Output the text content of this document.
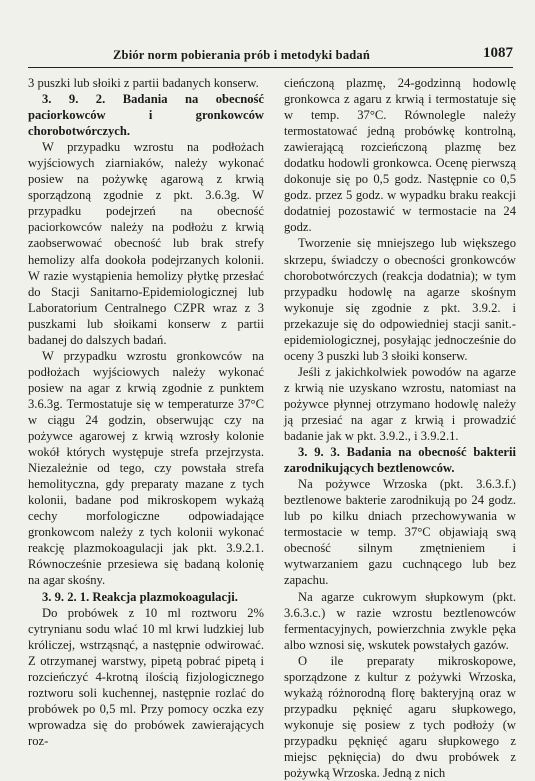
Zbiór norm pobierania prób i metodyki badań	1087

3 puszki lub słoiki z partii badanych konserw.

3. 9. 2. Badania na obecność paciorkowców i gronkowców chorobotwórczych.

W przypadku wzrostu na podłożach wyjściowych ziarniaków, należy wykonać posiew na pożywkę agarową z krwią sporządzoną zgodnie z pkt. 3.6.3g. W przypadku podejrzeń na obecność paciorkowców należy na podłożu z krwią zaobserwować obecność lub brak strefy hemolizy alfa dookoła podejrzanych kolonii. W razie wystąpienia hemolizy płytkę przesłać do Stacji Sanitarno-Epidemiologicznej lub Laboratorium Centralnego CZPR wraz z 3 puszkami lub słoikami konserw z partii badanej do dalszych badań.

W przypadku wzrostu gronkowców na podłożach wyjściowych należy wykonać posiew na agar z krwią zgodnie z punktem 3.6.3g. Termostatuje się w temperaturze 37°C w ciągu 24 godzin, obserwując czy na pożywce agarowej z krwią wzrosły kolonie wokół których występuje strefa przejrzysta. Niezależnie od tego, czy powstała strefa hemolityczna, gdy preparaty mazane z tych kolonii, badane pod mikroskopem wykażą cechy morfologiczne odpowiadające gronkowcom należy z tych kolonii wykonać reakcję plazmokoagulacji jak pkt. 3.9.2.1. Równocześnie przesiewa się badaną kolonię na agar skośny.

3. 9. 2. 1. Reakcja plazmokoagulacji.

Do probówek z 10 ml roztworu 2% cytrynianu sodu wlać 10 ml krwi ludzkiej lub króliczej, wstrząsnąć, a następnie odwirować. Z otrzymanej warstwy, pipetą pobrać pipetą i rozcieńczyć 4-krotną ilością fizjologicznego roztworu soli kuchennej, następnie rozlać do probówek po 0,5 ml. Przy pomocy oczka ezy wprowadza się do probówek zawierających roz-

cieńczoną plazmę, 24-godzinną hodowlę gronkowca z agaru z krwią i termostatuje się w temp. 37°C. Równolegle należy termostatować jedną probówkę kontrolną, zawierającą rozcieńczoną plazmę bez dodatku hodowli gronkowca. Ocenę pierwszą dokonuje się po 0,5 godz. Następnie co 0,5 godz. przez 5 godz. w wypadku braku reakcji dodatniej pozostawić w termostacie na 24 godz.

Tworzenie się mniejszego lub większego skrzepu, świadczy o obecności gronkowców chorobotwórczych (reakcja dodatnia); w tym przypadku hodowlę na agarze skośnym wykonuje się zgodnie z pkt. 3.9.2. i przekazuje się do odpowiedniej stacji sanit.-epidemiologicznej, posyłając jednocześnie do oceny 3 puszki lub 3 słoiki konserw.

Jeśli z jakichkolwiek powodów na agarze z krwią nie uzyskano wzrostu, natomiast na pożywce płynnej otrzymano hodowlę należy ją przesiać na agar z krwią i prowadzić badanie jak w pkt. 3.9.2., i 3.9.2.1.

3. 9. 3. Badania na obecność bakterii zarodnikujących beztlenowców.

Na pożywce Wrzoska (pkt. 3.6.3.f.) beztlenowe bakterie zarodnikują po 24 godz. lub po kilku dniach przechowywania w termostacie w temp. 37°C objawiają swą obecność silnym zmętnieniem i wytwarzaniem gazu cuchnącego lub bez zapachu.

Na agarze cukrowym słupkowym (pkt. 3.6.3.c.) w razie wzrostu beztlenowców fermentacyjnych, powierzchnia zwykle pęka albo wznosi się, wskutek powstałych gazów.

O ile preparaty mikroskopowe, sporządzone z kultur z pożywki Wrzoska, wykażą różnorodną florę bakteryjną oraz w przypadku pęknięć agaru słupkowego, wykonuje się posiew z tych podłoży (w przypadku pęknięć agaru słupkowego z miejsc pęknięcia) do dwu probówek z pożywką Wrzoska. Jedną z nich
